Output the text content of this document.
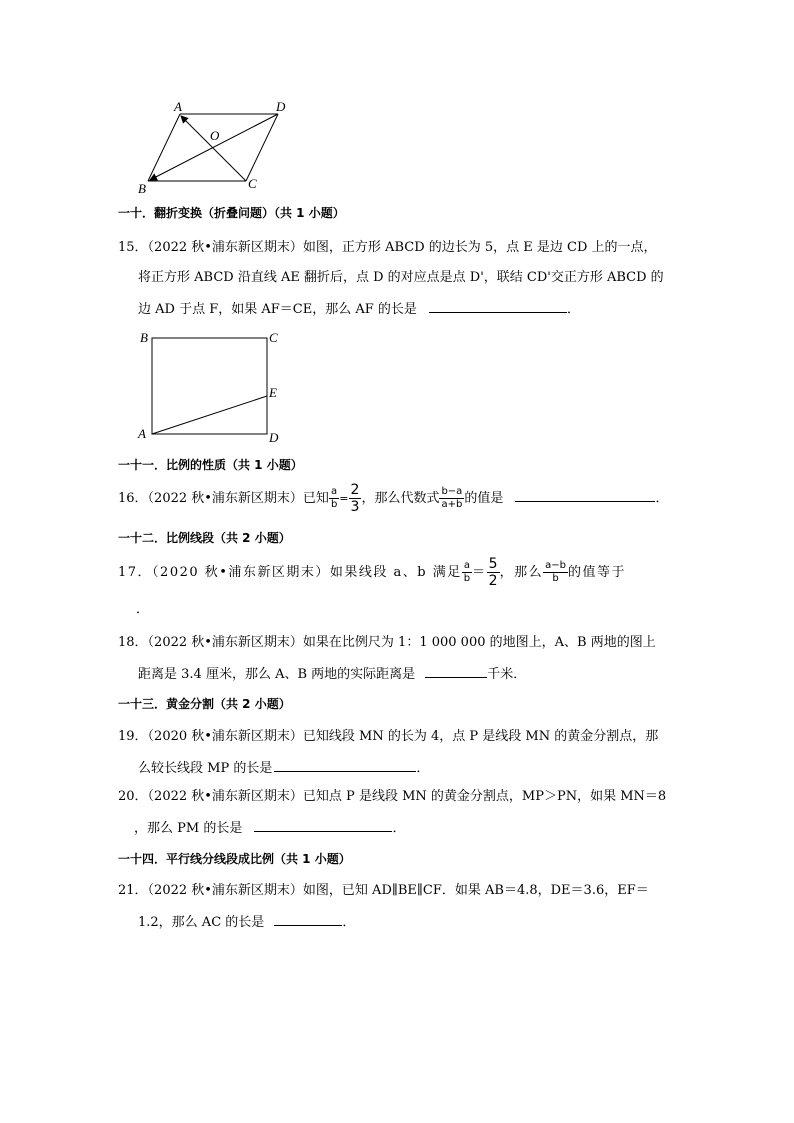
A	D
O
B	C
一十．翻折变换（折叠问题）（共 1 小题）
15．（2022 秋•浦东新区期末）如图，正方形 ABCD 的边长为 5，点 E 是边 CD 上的一点，
将正方形 ABCD 沿直线 AE 翻折后，点 D 的对应点是点 D'，联结 CD'交正方形 ABCD 的
边 AD 于点 F，如果 AF＝CE，那么 AF 的长是	．
B	C
E
A	D
一十一．比例的性质（共 1 小题）
16．（2022 秋•浦东新区期末）已知 $\frac{a}{b} = \frac{2}{3}$ ，那么代数式 $\frac{b-a}{a+b}$ 的值是	．
一十二．比例线段（共 2 小题）
17．（2020 秋•浦东新区期末）如果线段 a、b 满足 $\frac{a}{b} = \frac{5}{2}$ ，那么 $\frac{a-b}{b}$ 的值等于
．
18．（2022 秋•浦东新区期末）如果在比例尺为 1：1 000 000 的地图上，A、B 两地的图上
距离是 3.4 厘米，那么 A、B 两地的实际距离是	千米．
一十三．黄金分割（共 2 小题）
19．（2020 秋•浦东新区期末）已知线段 MN 的长为 4，点 P 是线段 MN 的黄金分割点，那
么较长线段 MP 的长是	．
20．（2022 秋•浦东新区期末）已知点 P 是线段 MN 的黄金分割点，MP＞PN，如果 MN＝8
，那么 PM 的长是	．
一十四．平行线分线段成比例（共 1 小题）
21．（2022 秋•浦东新区期末）如图，已知 AD∥BE∥CF．如果 AB＝4.8，DE＝3.6，EF＝
1.2，那么 AC 的长是	．
